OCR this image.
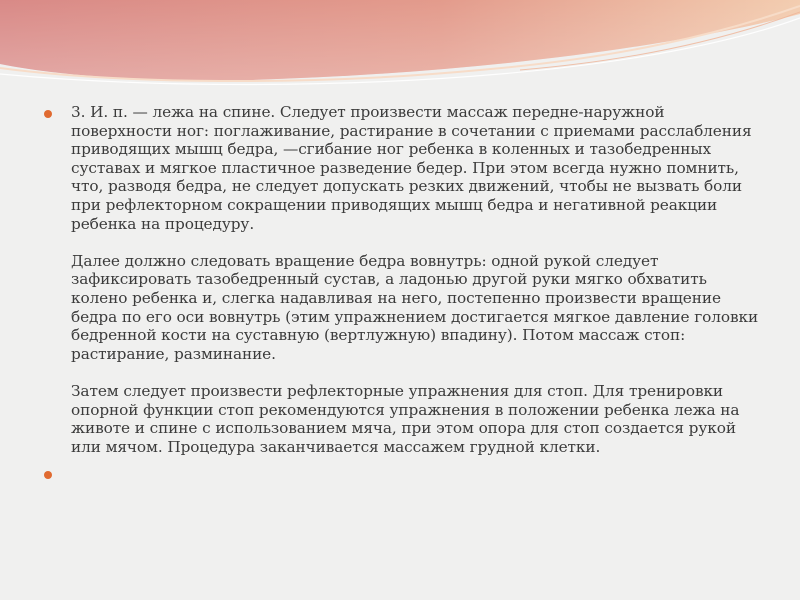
3. И. п. — лежа на спине. Следует произвести массаж передне-наружной поверхности ног: поглаживание, растирание в сочетании с приемами расслабления приводящих мышц бедра, —сгибание ног ребенка в коленных и тазобедренных суставах и мягкое пластичное разведение бедер. При этом всегда нужно помнить, что, разводя бедра, не следует допускать резких движений, чтобы не вызвать боли при рефлекторном сокращении приводящих мышц бедра и негативной реакции ребенка на процедуру.

Далее должно следовать вращение бедра вовнутрь: одной рукой следует зафиксировать тазобедренный сустав, а ладонью другой руки мягко обхватить колено ребенка и, слегка надавливая на него, постепенно произвести вращение бедра по его оси вовнутрь (этим упражнением достигается мягкое давление головки бедренной кости на суставную (вертлужную) впадину). Потом массаж стоп: растирание, разминание.

Затем следует произвести рефлекторные упражнения для стоп. Для тренировки опорной функции стоп рекомендуются упражнения в положении ребенка лежа на животе и спине с использованием мяча, при этом опора для стоп создается рукой или мячом. Процедура заканчивается массажем грудной клетки.
